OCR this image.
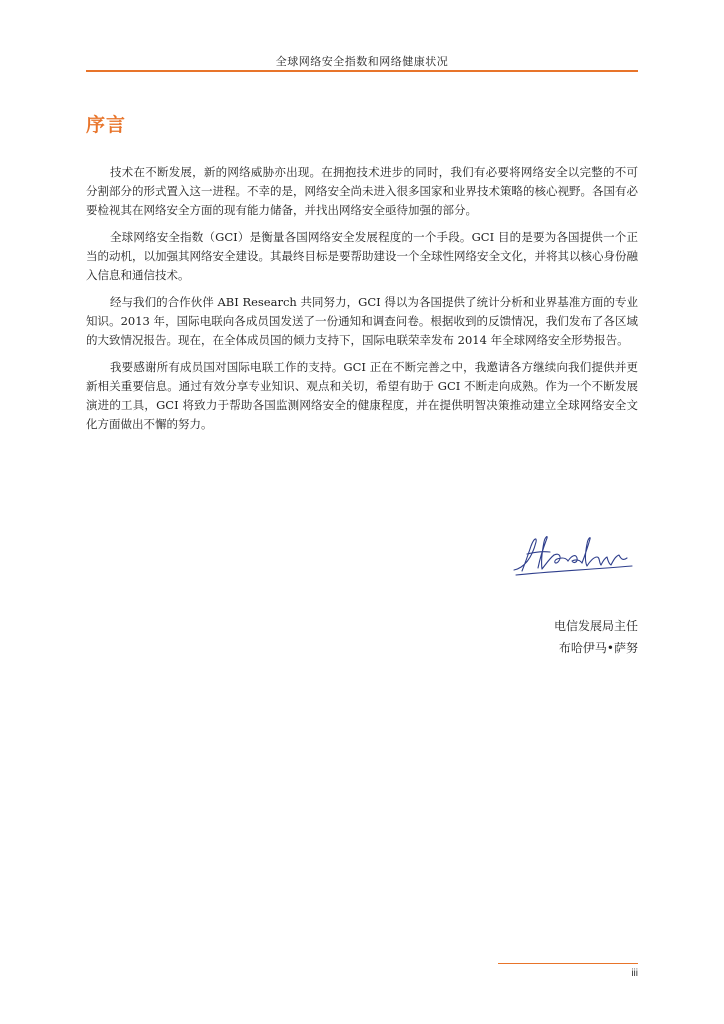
全球网络安全指数和网络健康状况
序言

技术在不断发展，新的网络威胁亦出现。在拥抱技术进步的同时，我们有必要将网络安全以完整的不可分割部分的形式置入这一进程。不幸的是，网络安全尚未进入很多国家和业界技术策略的核心视野。各国有必要检视其在网络安全方面的现有能力储备，并找出网络安全亟待加强的部分。

全球网络安全指数（GCI）是衡量各国网络安全发展程度的一个手段。GCI 目的是要为各国提供一个正当的动机，以加强其网络安全建设。其最终目标是要帮助建设一个全球性网络安全文化，并将其以核心身份融入信息和通信技术。

经与我们的合作伙伴 ABI Research 共同努力，GCI 得以为各国提供了统计分析和业界基准方面的专业知识。2013 年，国际电联向各成员国发送了一份通知和调查问卷。根据收到的反馈情况，我们发布了各区域的大致情况报告。现在，在全体成员国的倾力支持下，国际电联荣幸发布 2014 年全球网络安全形势报告。

我要感谢所有成员国对国际电联工作的支持。GCI 正在不断完善之中，我邀请各方继续向我们提供并更新相关重要信息。通过有效分享专业知识、观点和关切，希望有助于 GCI 不断走向成熟。作为一个不断发展演进的工具，GCI 将致力于帮助各国监测网络安全的健康程度，并在提供明智决策推动建立全球网络安全文化方面做出不懈的努力。

电信发展局主任
布哈伊马•萨努
iii
